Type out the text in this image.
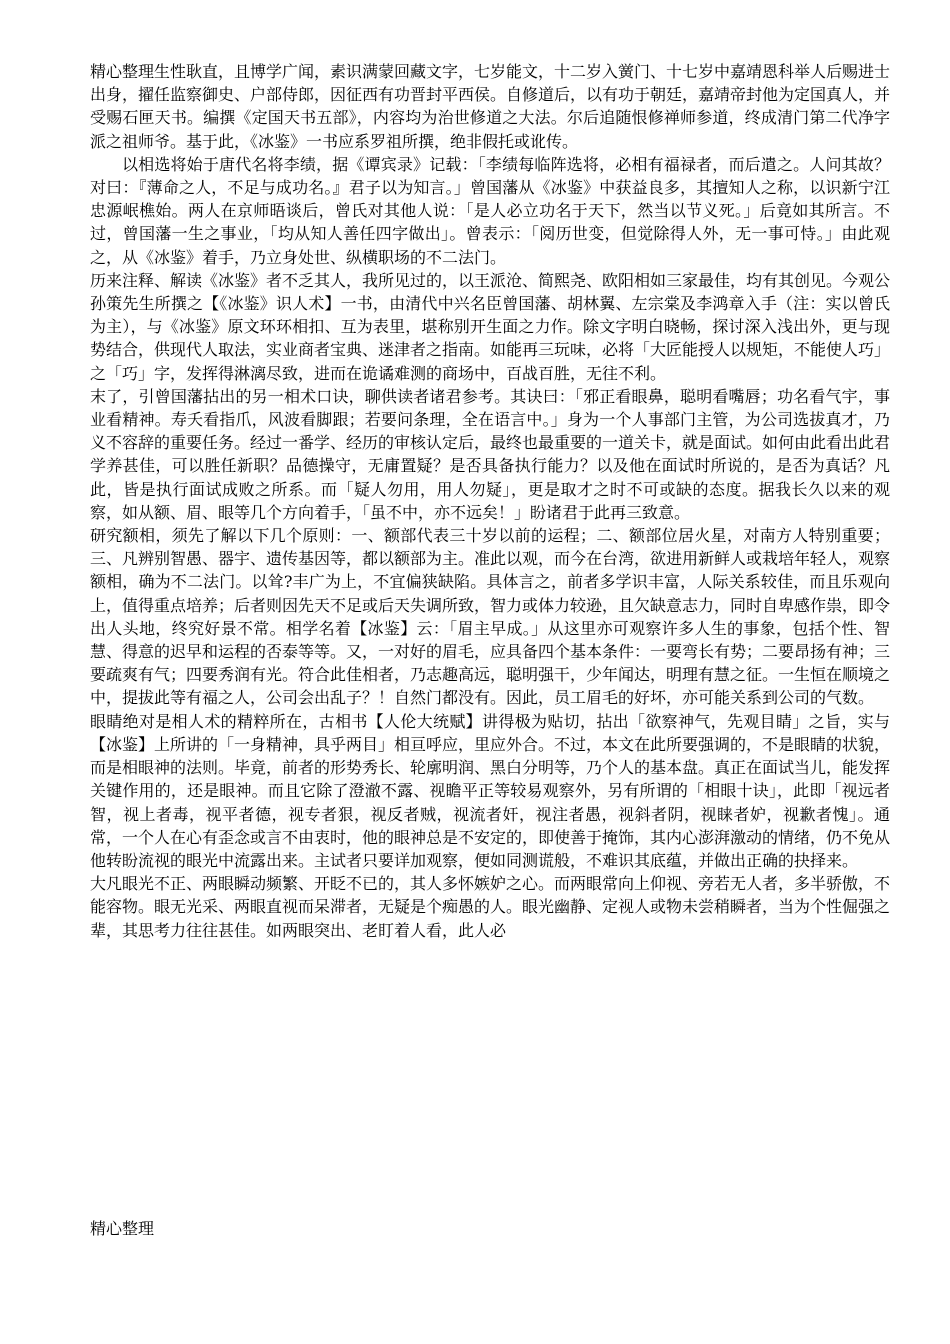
精心整理生性耿直，且博学广闻，素识满蒙回藏文字，七岁能文，十二岁入黉门、十七岁中嘉靖恩科举人后赐进士出身，擢任监察御史、户部侍郎，因征西有功晋封平西侯。自修道后，以有功于朝廷，嘉靖帝封他为定国真人，并受赐石匣天书。编撰《定国天书五部》，内容均为治世修道之大法。尔后追随恨修禅师参道，终成清门第二代净字派之祖师爷。基于此，《冰鉴》一书应系罗祖所撰，绝非假托或讹传。

以相选将始于唐代名将李绩，据《谭宾录》记载：「李绩每临阵选将，必相有福禄者，而后遣之。人问其故？对曰：『薄命之人，不足与成功名。』君子以为知言。」曾国藩从《冰鉴》中获益良多，其擅知人之称，以识新宁江忠源岷樵始。两人在京师晤谈后，曾氏对其他人说：「是人必立功名于天下，然当以节义死。」后竟如其所言。不过，曾国藩一生之事业，「均从知人善任四字做出」。曾表示：「阅历世变，但觉除得人外，无一事可恃。」由此观之，从《冰鉴》着手，乃立身处世、纵横职场的不二法门。

历来注释、解读《冰鉴》者不乏其人，我所见过的，以王派沧、简熙尧、欧阳相如三家最佳，均有其创见。今观公孙策先生所撰之【《冰鉴》识人术】一书，由清代中兴名臣曾国藩、胡林翼、左宗棠及李鸿章入手（注：实以曾氏为主），与《冰鉴》原文环环相扣、互为表里，堪称别开生面之力作。除文字明白晓畅，探讨深入浅出外，更与现势结合，供现代人取法，实业商者宝典、迷津者之指南。如能再三玩味，必将「大匠能授人以规矩，不能使人巧」之「巧」字，发挥得淋漓尽致，进而在诡谲难测的商场中，百战百胜，无往不利。

末了，引曾国藩拈出的另一相术口诀，聊供读者诸君参考。其诀曰：「邪正看眼鼻，聪明看嘴唇；功名看气宇，事业看精神。寿夭看指爪，风波看脚跟；若要问条理，全在语言中。」身为一个人事部门主管，为公司选拔真才，乃义不容辞的重要任务。经过一番学、经历的审核认定后，最终也最重要的一道关卡，就是面试。如何由此看出此君学养甚佳，可以胜任新职？品德操守，无庸置疑？是否具备执行能力？以及他在面试时所说的，是否为真话？凡此，皆是执行面试成败之所系。而「疑人勿用，用人勿疑」，更是取才之时不可或缺的态度。据我长久以来的观察，如从额、眉、眼等几个方向着手，「虽不中，亦不远矣！」盼诸君于此再三致意。

研究额相，须先了解以下几个原则：一、额部代表三十岁以前的运程；二、额部位居火星，对南方人特别重要；三、凡辨别智愚、器宇、遗传基因等，都以额部为主。准此以观，而今在台湾，欲进用新鲜人或栽培年轻人，观察额相，确为不二法门。以耸?丰广为上，不宜偏狭缺陷。具体言之，前者多学识丰富，人际关系较佳，而且乐观向上，值得重点培养；后者则因先天不足或后天失调所致，智力或体力较逊，且欠缺意志力，同时自卑感作祟，即令出人头地，终究好景不常。相学名着【冰鉴】云：「眉主早成。」从这里亦可观察许多人生的事象，包括个性、智慧、得意的迟早和运程的否泰等等。又，一对好的眉毛，应具备四个基本条件：一要弯长有势；二要昂扬有神；三要疏爽有气；四要秀润有光。符合此佳相者，乃志趣高远，聪明强干，少年闻达，明理有慧之征。一生恒在顺境之中，提拔此等有福之人，公司会出乱子？！自然门都没有。因此，员工眉毛的好坏，亦可能关系到公司的气数。

眼睛绝对是相人术的精粹所在，古相书【人伦大统赋】讲得极为贴切，拈出「欲察神气，先观目睛」之旨，实与【冰鉴】上所讲的「一身精神，具乎两目」相亘呼应，里应外合。不过，本文在此所要强调的，不是眼睛的状貌，而是相眼神的法则。毕竟，前者的形势秀长、轮廓明润、黑白分明等，乃个人的基本盘。真正在面试当儿，能发挥关键作用的，还是眼神。而且它除了澄澈不露、视瞻平正等较易观察外，另有所谓的「相眼十诀」，此即「视远者智，视上者毒，视平者德，视专者狠，视反者贼，视流者奸，视注者愚，视斜者阴，视睐者妒，视歉者愧」。通常，一个人在心有歪念或言不由衷时，他的眼神总是不安定的，即使善于掩饰，其内心澎湃激动的情绪，仍不免从他转盼流视的眼光中流露出来。主试者只要详加观察，便如同测谎般，不难识其底蕴，并做出正确的抉择来。

大凡眼光不正、两眼瞬动频繁、开眨不已的，其人多怀嫉妒之心。而两眼常向上仰视、旁若无人者，多半骄傲，不能容物。眼无光采、两眼直视而呆滞者，无疑是个痴愚的人。眼光幽静、定视人或物未尝稍瞬者，当为个性倔强之辈，其思考力往往甚佳。如两眼突出、老盯着人看，此人必

精心整理
